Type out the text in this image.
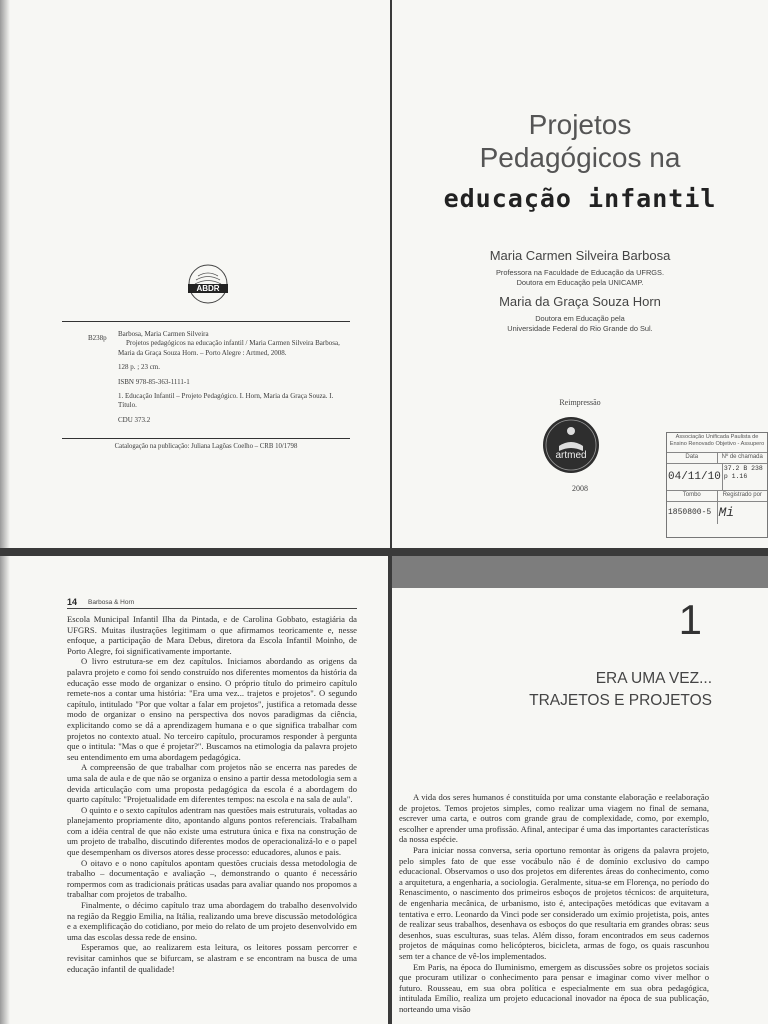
ABDR
B238p Barbosa, Maria Carmen Silveira

Projetos pedagógicos na educação infantil / Maria Carmen Silveira Barbosa, Maria da Graça Souza Horn. – Porto Alegre : Artmed, 2008.

128 p. ; 23 cm.

ISBN 978-85-363-1111-1

1. Educação Infantil – Projeto Pedagógico. I. Horn, Maria da Graça Souza. I. Título.

CDU 373.2

Catalogação na publicação: Juliana Lagôas Coelho – CRB 10/1798
Projetos
Pedagógicos na
educação infantil
Maria Carmen Silveira Barbosa
Professora na Faculdade de Educação da UFRGS.
Doutora em Educação pela UNICAMP.
Maria da Graça Souza Horn
Doutora em Educação pela
Universidade Federal do Rio Grande do Sul.
Reimpressão
artmed
2008
Associação Unificada Paulista de Ensino Renovado Objetivo - Assupero
Data	Nº de chamada
04/11/10
37.2 B 238 p 1.16
Tombo	Registrado por
1850800-5 Mi
14 Barbosa & Horn

Escola Municipal Infantil Ilha da Pintada, e de Carolina Gobbato, estagiária da UFGRS. Muitas ilustrações legitimam o que afirmamos teoricamente e, nesse enfoque, a participação de Mara Debus, diretora da Escola Infantil Moinho, de Porto Alegre, foi significativamente importante.

O livro estrutura-se em dez capítulos. Iniciamos abordando as origens da palavra projeto e como foi sendo construído nos diferentes momentos da história da educação esse modo de organizar o ensino. O próprio título do primeiro capítulo remete-nos a contar uma história: "Era uma vez... trajetos e projetos". O segundo capítulo, intitulado "Por que voltar a falar em projetos", justifica a retomada desse modo de organizar o ensino na perspectiva dos novos paradigmas da ciência, explicitando como se dá a aprendizagem humana e o que significa trabalhar com projetos no contexto atual. No terceiro capítulo, procuramos responder à pergunta que o intitula: "Mas o que é projetar?". Buscamos na etimologia da palavra projeto seu entendimento em uma abordagem pedagógica.

A compreensão de que trabalhar com projetos não se encerra nas paredes de uma sala de aula e de que não se organiza o ensino a partir dessa metodologia sem a devida articulação com uma proposta pedagógica da escola é a abordagem do quarto capítulo: "Projetualidade em diferentes tempos: na escola e na sala de aula".

O quinto e o sexto capítulos adentram nas questões mais estruturais, voltadas ao planejamento propriamente dito, apontando alguns pontos referenciais. Trabalham com a idéia central de que não existe uma estrutura única e fixa na construção de um projeto de trabalho, discutindo diferentes modos de operacionalizá-lo e o papel que desempenham os diversos atores desse processo: educadores, alunos e pais.

O oitavo e o nono capítulos apontam questões cruciais dessa metodologia de trabalho – documentação e avaliação –, demonstrando o quanto é necessário rompermos com as tradicionais práticas usadas para avaliar quando nos propomos a trabalhar com projetos de trabalho.

Finalmente, o décimo capítulo traz uma abordagem do trabalho desenvolvido na região da Reggio Emilia, na Itália, realizando uma breve discussão metodológica e a exemplificação do cotidiano, por meio do relato de um projeto desenvolvido em uma das escolas dessa rede de ensino.

Esperamos que, ao realizarem esta leitura, os leitores possam percorrer e revisitar caminhos que se bifurcam, se alastram e se encontram na busca de uma educação infantil de qualidade!

1
ERA UMA VEZ...
TRAJETOS E PROJETOS

A vida dos seres humanos é constituída por uma constante elaboração e reelaboração de projetos. Temos projetos simples, como realizar uma viagem no final de semana, escrever uma carta, e outros com grande grau de complexidade, como, por exemplo, escolher e aprender uma profissão. Afinal, antecipar é uma das importantes características da nossa espécie.

Para iniciar nossa conversa, seria oportuno remontar às origens da palavra projeto, pelo simples fato de que esse vocábulo não é de domínio exclusivo do campo educacional. Observamos o uso dos projetos em diferentes áreas do conhecimento, como a arquitetura, a engenharia, a sociologia. Geralmente, situa-se em Florença, no período do Renascimento, o nascimento dos primeiros esboços de projetos técnicos: de arquitetura, de engenharia mecânica, de urbanismo, isto é, antecipações metódicas que evitavam a tentativa e erro. Leonardo da Vinci pode ser considerado um exímio projetista, pois, antes de realizar seus trabalhos, desenhava os esboços do que resultaria em grandes obras: seus desenhos, suas esculturas, suas telas. Além disso, foram encontrados em seus cadernos projetos de máquinas como helicópteros, bicicleta, armas de fogo, os quais rascunhou sem ter a chance de vê-los implementados.

Em Paris, na época do Iluminismo, emergem as discussões sobre os projetos sociais que procuram utilizar o conhecimento para pensar e imaginar como viver melhor o futuro. Rousseau, em sua obra política e especialmente em sua obra pedagógica, intitulada Emílio, realiza um projeto educacional inovador na época de sua publicação, norteando uma visão
